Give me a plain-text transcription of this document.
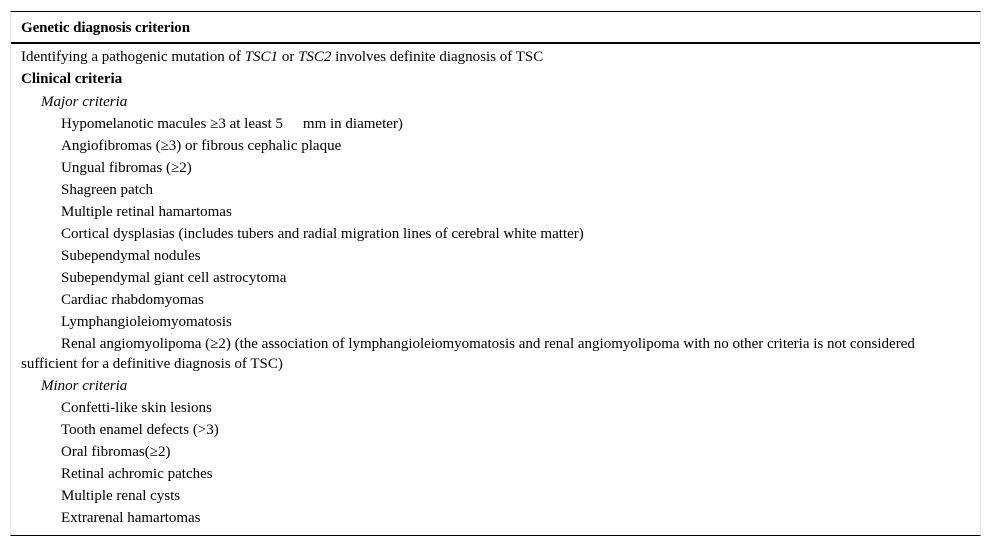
Genetic diagnosis criterion
Identifying a pathogenic mutation of TSC1 or TSC2 involves definite diagnosis of TSC
Clinical criteria
Major criteria
Hypomelanotic macules ≥3 at least 5 mm in diameter)
Angiofibromas (≥3) or fibrous cephalic plaque
Ungual fibromas (≥2)
Shagreen patch
Multiple retinal hamartomas
Cortical dysplasias (includes tubers and radial migration lines of cerebral white matter)
Subependymal nodules
Subependymal giant cell astrocytoma
Cardiac rhabdomyomas
Lymphangioleiomyomatosis
Renal angiomyolipoma (≥2) (the association of lymphangioleiomyomatosis and renal angiomyolipoma with no other criteria is not considered sufficient for a definitive diagnosis of TSC)
Minor criteria
Confetti-like skin lesions
Tooth enamel defects (>3)
Oral fibromas(≥2)
Retinal achromic patches
Multiple renal cysts
Extrarenal hamartomas
